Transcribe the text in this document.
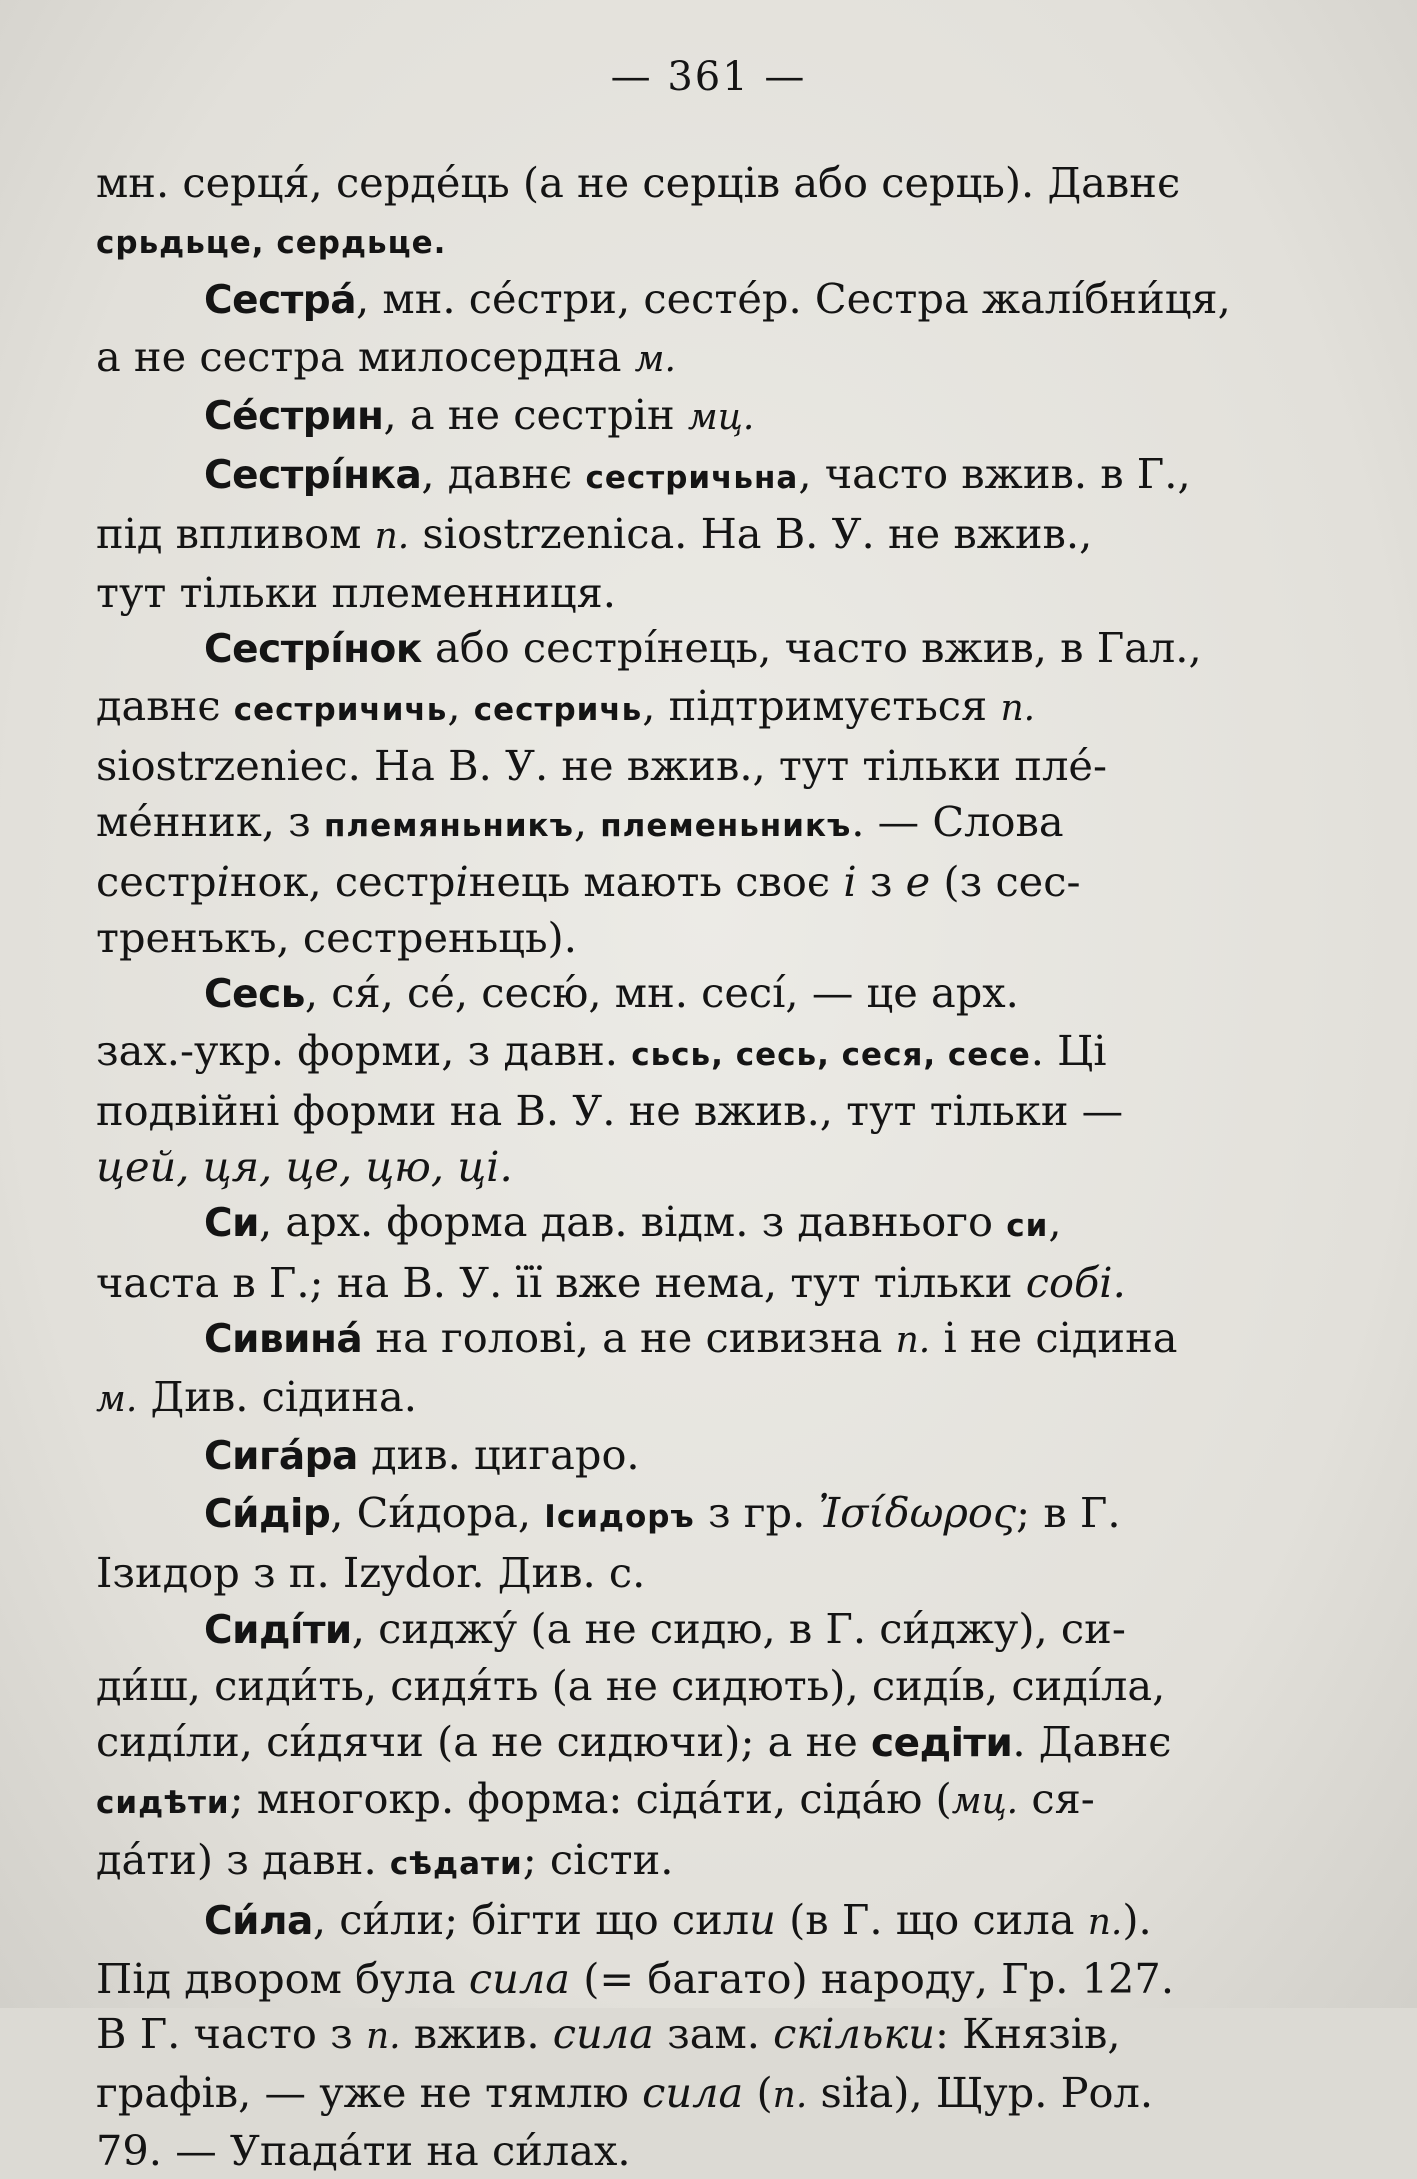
— 361 —

мн. серця́, серде́ць (а не серців або серць). Давнє
срьдьце, сердьце.

Сестра́, мн. се́стри, сесте́р. Сестра жалі́бни́ця,
а не сестра милосердна м.

Се́стрин, а не сестрін мц.

Сестрі́нка, давнє сестричьна, часто вжив. в Г.,
під впливом п. siostrzenica. На В. У. не вжив.,
тут тільки племенниця.

Сестрі́нок або сестрі́нець, часто вжив, в Гал.,
давнє сестричичь, сестричь, підтримується п.
siostrzeniec. На В. У. не вжив., тут тільки пле́-
ме́нник, з племяньникъ, племеньникъ. — Слова
сестрінок, сестрінець мають своє і з е (з сес-
тренъкъ, сестреньць).

Сесь, ся́, се́, сесю́, мн. сесі́, — це арх.
зах.-укр. форми, з давн. сьсь, сесь, сеся, сесе. Ці
подвійні форми на В. У. не вжив., тут тільки —
цей, ця, це, цю, ці.

Си, арх. форма дав. відм. з давнього си,
часта в Г.; на В. У. її вже нема, тут тільки собі.

Сивина́ на голові, а не сивизна п. і не сідина
м. Див. сідина.

Сига́ра див. цигаро.

Си́дір, Си́дора, Ісидоръ з гр. Ἰσίδωρος; в Г.
Ізидор з п. Izydor. Див. с.

Сиді́ти, сиджу́ (а не сидю, в Г. си́джу), си-
ди́ш, сиди́ть, сидя́ть (а не сидють), сиді́в, сиді́ла,
сиді́ли, си́дячи (а не сидючи); а не седіти. Давнє
сидѣти; многокр. форма: сіда́ти, сіда́ю (мц. ся-
да́ти) з давн. сѣдати; сісти.

Си́ла, си́ли; бігти що сили (в Г. що сила п.).
Під двором була сила (= багато) народу, Гр. 127.
В Г. часто з п. вжив. сила зам. скільки: Князів,
графів, — уже не тямлю сила (п. siła), Щур. Рол.
79. — Упада́ти на си́лах.
